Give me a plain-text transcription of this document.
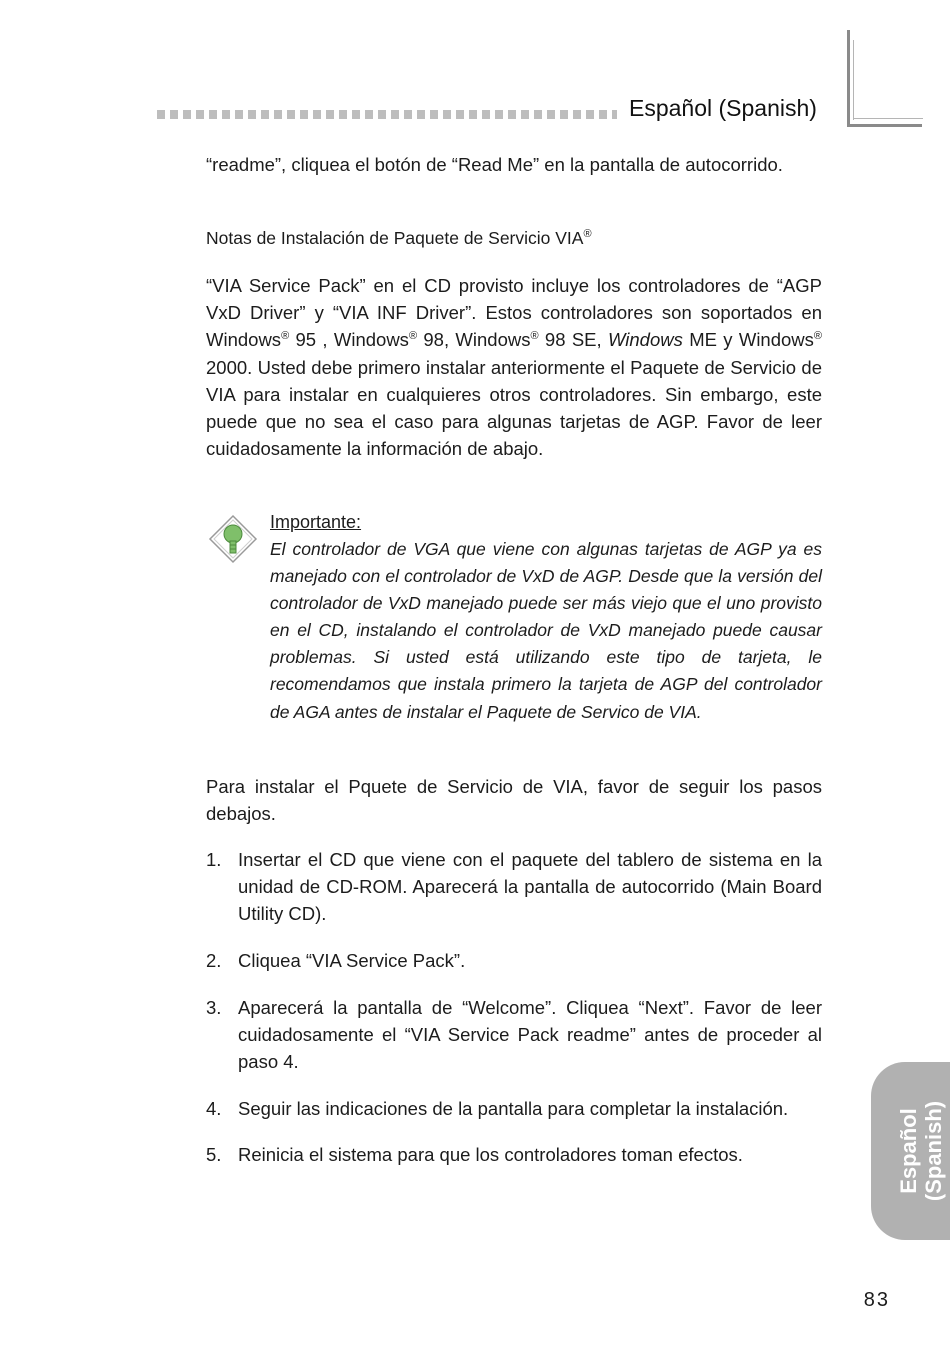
Español (Spanish)
“readme”, cliquea el botón de “Read Me” en la pantalla de autocorrido.
Notas de Instalación de Paquete de Servicio VIA®
“VIA Service Pack” en el CD provisto incluye los controladores de “AGP VxD Driver” y “VIA INF Driver”. Estos controladores son soportados en Windows® 95 , Windows® 98, Windows® 98 SE, Windows ME y Windows® 2000. Usted debe primero instalar anteriormente el Paquete de Servicio de VIA para instalar en cualquieres otros controladores. Sin embargo, este puede que no sea el caso para algunas tarjetas de AGP. Favor de leer cuidadosamente la información de abajo.
Importante:
El controlador de VGA que viene con algunas tarjetas de AGP ya es manejado con el controlador de VxD de AGP. Desde que la versión del controlador de VxD manejado puede ser más viejo que el uno provisto en el CD, instalando el controlador de VxD manejado puede causar problemas. Si usted está utilizando este tipo de tarjeta, le recomendamos que instala primero la tarjeta de AGP del controlador de AGA antes de instalar el Paquete de Servico de VIA.
Para instalar el Pquete de Servicio de VIA, favor de seguir los pasos debajos.
1. Insertar el CD que viene con el paquete del tablero de sistema en la unidad de CD-ROM. Aparecerá la pantalla de autocorrido (Main Board Utility CD).
2. Cliquea “VIA Service Pack”.
3. Aparecerá la pantalla de “Welcome”. Cliquea “Next”. Favor de leer cuidadosamente el “VIA Service Pack readme” antes de proceder al paso 4.
4. Seguir las indicaciones de la pantalla para completar la instalación.
5. Reinicia el sistema para que los controladores toman efectos.	Español (Spanish)
83
